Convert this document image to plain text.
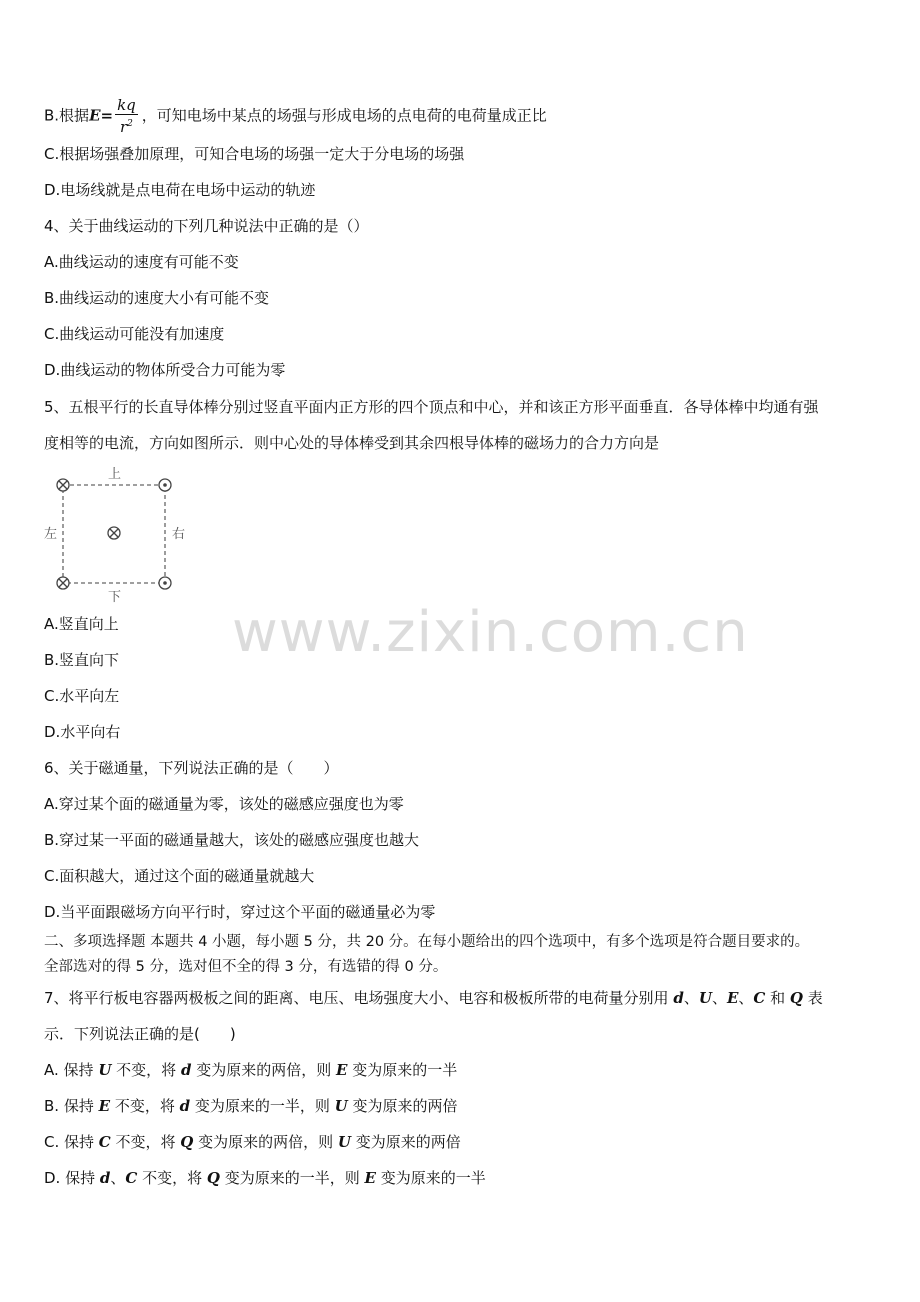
www.zixin.com.cn
B.根据$E= \frac{kq}{r^2}$ ，可知电场中某点的场强与形成电场的点电荷的电荷量成正比
C.根据场强叠加原理，可知合电场的场强一定大于分电场的场强
D.电场线就是点电荷在电场中运动的轨迹
4、关于曲线运动的下列几种说法中正确的是（）
A.曲线运动的速度有可能不变
B.曲线运动的速度大小有可能不变
C.曲线运动可能没有加速度
D.曲线运动的物体所受合力可能为零
5、五根平行的长直导体棒分别过竖直平面内正方形的四个顶点和中心，并和该正方形平面垂直．各导体棒中均通有强
度相等的电流，方向如图所示．则中心处的导体棒受到其余四根导体棒的磁场力的合力方向是
上
下
左	右
A.竖直向上
B.竖直向下
C.水平向左
D.水平向右
6、关于磁通量，下列说法正确的是（　　）
A.穿过某个面的磁通量为零，该处的磁感应强度也为零
B.穿过某一平面的磁通量越大，该处的磁感应强度也越大
C.面积越大，通过这个面的磁通量就越大
D.当平面跟磁场方向平行时，穿过这个平面的磁通量必为零
二、多项选择题 本题共 4 小题，每小题 5 分，共 20 分。在每小题给出的四个选项中，有多个选项是符合题目要求的。
全部选对的得 5 分，选对但不全的得 3 分，有选错的得 0 分。
7、将平行板电容器两极板之间的距离、电压、电场强度大小、电容和极板所带的电荷量分别用 d、U、E、C 和 Q 表
示．下列说法正确的是(　　)
A. 保持 U 不变，将 d 变为原来的两倍，则 E 变为原来的一半
B. 保持 E 不变，将 d 变为原来的一半，则 U 变为原来的两倍
C. 保持 C 不变，将 Q 变为原来的两倍，则 U 变为原来的两倍
D. 保持 d、C 不变，将 Q 变为原来的一半，则 E 变为原来的一半
